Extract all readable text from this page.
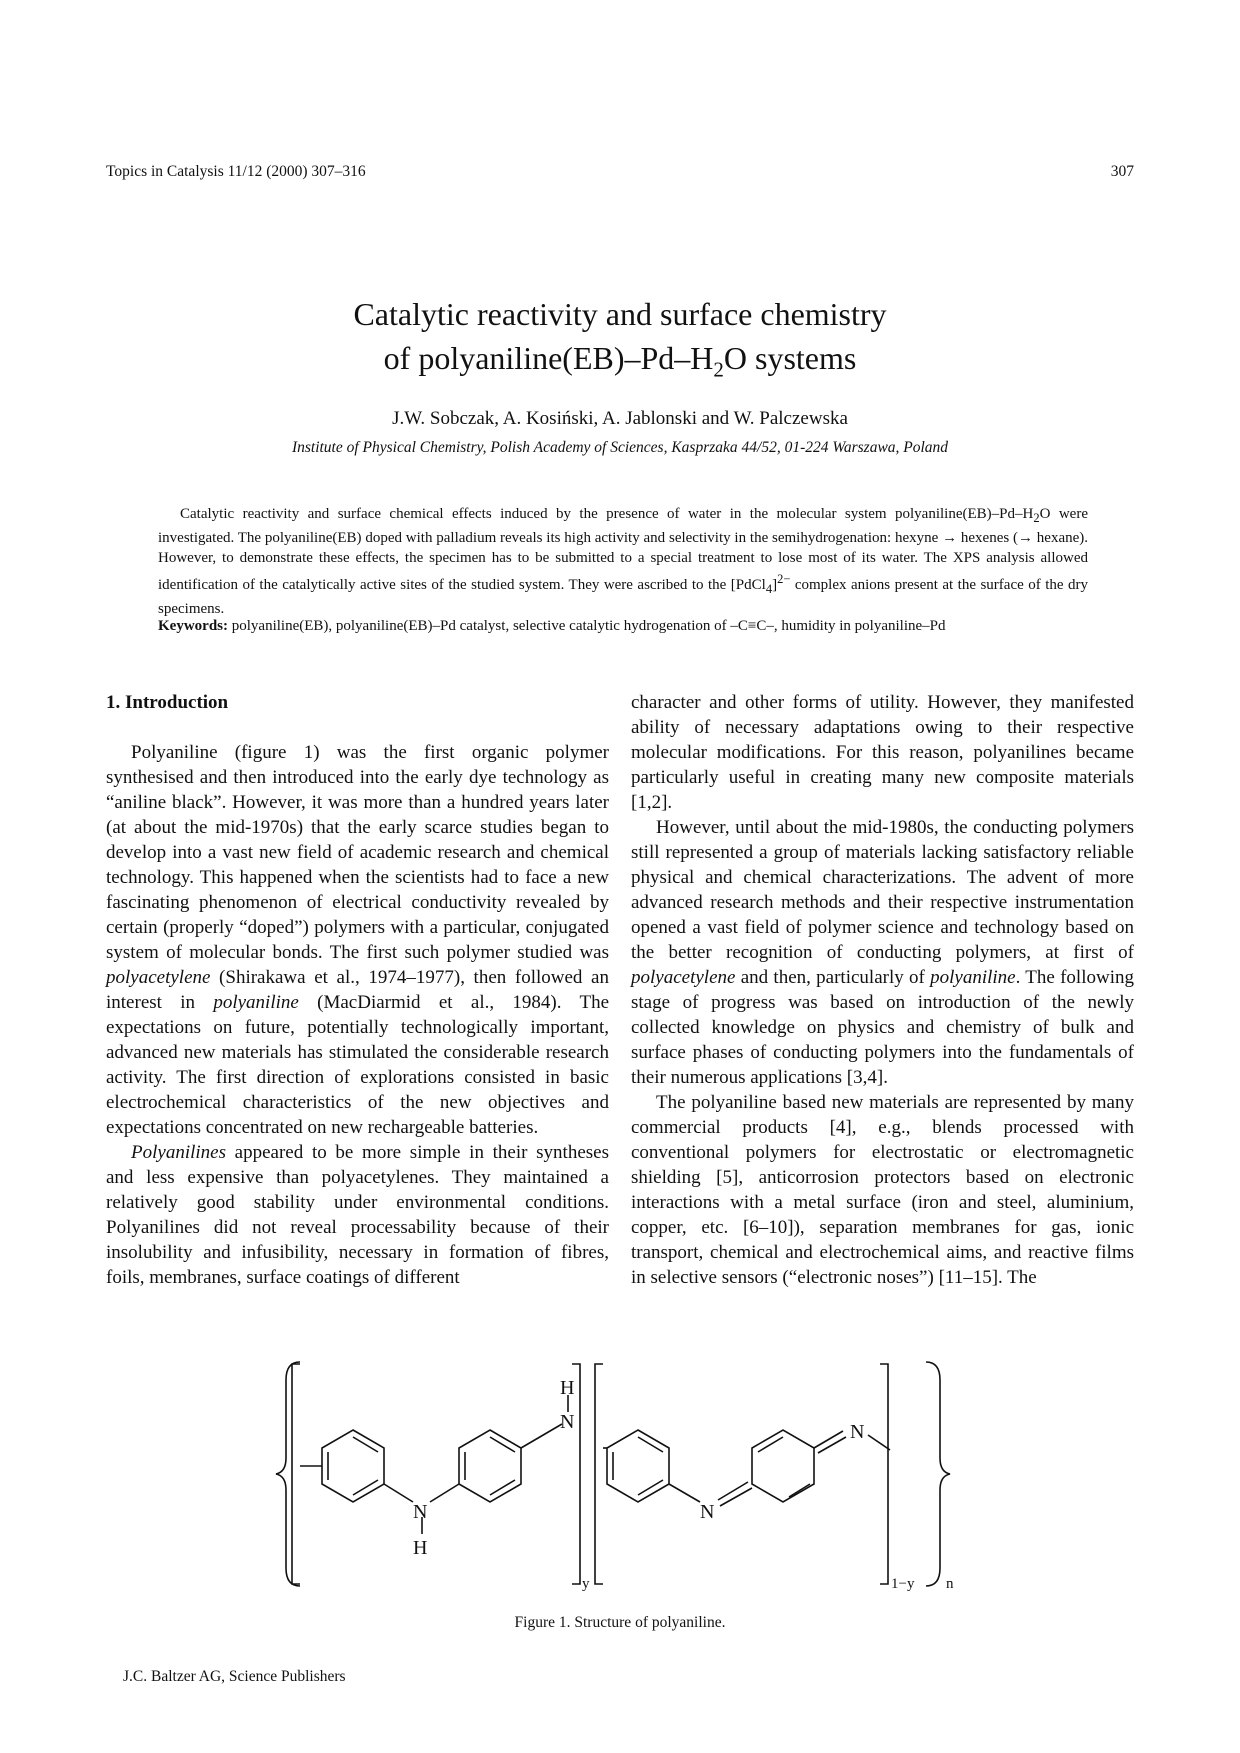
Topics in Catalysis 11/12 (2000) 307–316	307
Catalytic reactivity and surface chemistry
of $polyaniline(EB)-Pd-H_2O$ systems
J.W. Sobczak, A. Kosiński, A. Jablonski and W. Palczewska
Institute of Physical Chemistry, Polish Academy of Sciences, Kasprzaka 44/52, 01-224 Warszawa, Poland
Catalytic reactivity and surface chemical effects induced by the presence of water in the molecular system $polyaniline(EB)-Pd-H_2O$ were investigated. The polyaniline(EB) doped with palladium reveals its high activity and selectivity in the semihydrogenation: hexyne → hexenes (→ hexane). However, to demonstrate these effects, the specimen has to be submitted to a special treatment to lose most of its water. The XPS analysis allowed identification of the catalytically active sites of the studied system. They were ascribed to the [PdCl$_4$]$^{2-}$ complex anions present at the surface of the dry specimens.
Keywords: polyaniline(EB), polyaniline(EB)–Pd catalyst, selective catalytic hydrogenation of –C≡C–, humidity in polyaniline–Pd
1. Introduction

Polyaniline (figure 1) was the first organic polymer synthesised and then introduced into the early dye technology as “aniline black”. However, it was more than a hundred years later (at about the mid-1970s) that the early scarce studies began to develop into a vast new field of academic research and chemical technology. This happened when the scientists had to face a new fascinating phenomenon of electrical conductivity revealed by certain (properly “doped”) polymers with a particular, conjugated system of molecular bonds. The first such polymer studied was polyacetylene (Shirakawa et al., 1974–1977), then followed an interest in polyaniline (MacDiarmid et al., 1984). The expectations on future, potentially technologically important, advanced new materials has stimulated the considerable research activity. The first direction of explorations consisted in basic electrochemical characteristics of the new objectives and expectations concentrated on new rechargeable batteries.

Polyanilines appeared to be more simple in their syntheses and less expensive than polyacetylenes. They maintained a relatively good stability under environmental conditions. Polyanilines did not reveal processability because of their insolubility and infusibility, necessary in formation of fibres, foils, membranes, surface coatings of different

character and other forms of utility. However, they manifested ability of necessary adaptations owing to their respective molecular modifications. For this reason, polyanilines became particularly useful in creating many new composite materials [1,2].

However, until about the mid-1980s, the conducting polymers still represented a group of materials lacking satisfactory reliable physical and chemical characterizations. The advent of more advanced research methods and their respective instrumentation opened a vast field of polymer science and technology based on the better recognition of conducting polymers, at first of polyacetylene and then, particularly of polyaniline. The following stage of progress was based on introduction of the newly collected knowledge on physics and chemistry of bulk and surface phases of conducting polymers into the fundamentals of their numerous applications [3,4].

The polyaniline based new materials are represented by many commercial products [4], e.g., blends processed with conventional polymers for electrostatic or electromagnetic shielding [5], anticorrosion protectors based on electronic interactions with a metal surface (iron and steel, aluminium, copper, etc. [6–10]), separation membranes for gas, ionic transport, chemical and electrochemical aims, and reactive films in selective sensors (“electronic noses”) [11–15]. The

N
H
N
H
N
N
y	1−y n
Figure 1. Structure of polyaniline.
J.C. Baltzer AG, Science Publishers
